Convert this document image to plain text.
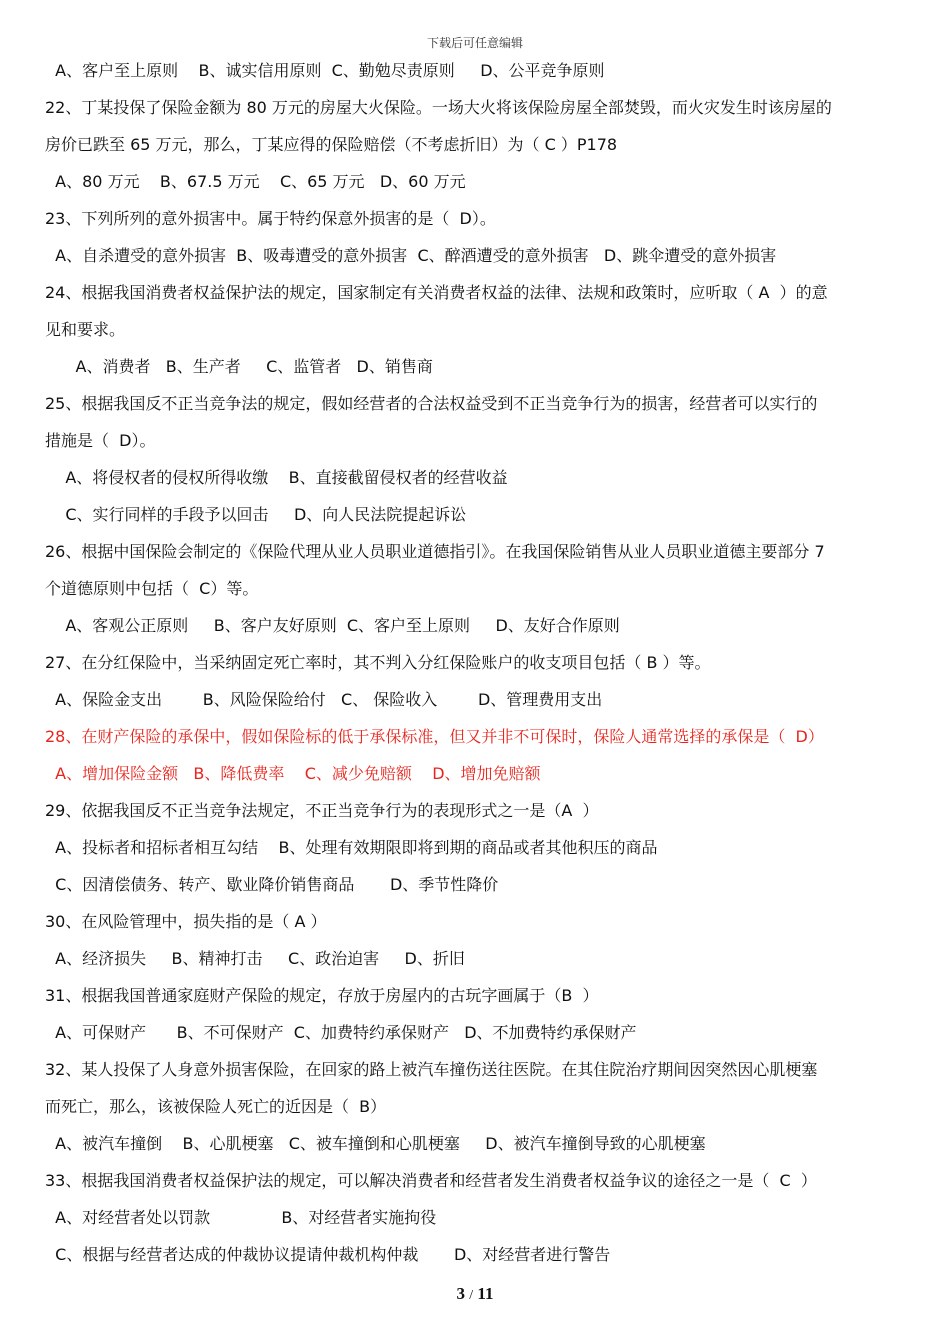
下载后可任意编辑
A、客户至上原则    B、诚实信用原则  C、勤勉尽责原则     D、公平竞争原则
22、丁某投保了保险金额为 80 万元的房屋大火保险。一场大火将该保险房屋全部焚毁，而火灾发生时该房屋的
房价已跌至 65 万元，那么，丁某应得的保险赔偿（不考虑折旧）为（ C ）P178
A、80 万元    B、67.5 万元    C、65 万元   D、60 万元
23、下列所列的意外损害中。属于特约保意外损害的是（  D）。
A、自杀遭受的意外损害  B、吸毒遭受的意外损害  C、醉酒遭受的意外损害   D、跳伞遭受的意外损害
24、根据我国消费者权益保护法的规定，国家制定有关消费者权益的法律、法规和政策时，应听取（ A  ）的意
见和要求。
A、消费者   B、生产者     C、监管者   D、销售商
25、根据我国反不正当竞争法的规定，假如经营者的合法权益受到不正当竞争行为的损害，经营者可以实行的
措施是（  D）。
A、将侵权者的侵权所得收缴    B、直接截留侵权者的经营收益
C、实行同样的手段予以回击     D、向人民法院提起诉讼
26、根据中国保险会制定的《保险代理从业人员职业道德指引》。在我国保险销售从业人员职业道德主要部分 7
个道德原则中包括（  C）等。
A、客观公正原则     B、客户友好原则  C、客户至上原则     D、友好合作原则
27、在分红保险中，当采纳固定死亡率时，其不判入分红保险账户的收支项目包括（ B ）等。
A、保险金支出        B、风险保险给付   C、 保险收入        D、管理费用支出
28、在财产保险的承保中，假如保险标的低于承保标准，但又并非不可保时，保险人通常选择的承保是（  D）
A、增加保险金额   B、降低费率    C、减少免赔额    D、增加免赔额
29、依据我国反不正当竞争法规定，不正当竞争行为的表现形式之一是（A  ）
A、投标者和招标者相互勾结    B、处理有效期限即将到期的商品或者其他积压的商品
C、因清偿债务、转产、歇业降价销售商品       D、季节性降价
30、在风险管理中，损失指的是（ A ）
A、经济损失     B、精神打击     C、政治迫害     D、折旧
31、根据我国普通家庭财产保险的规定，存放于房屋内的古玩字画属于（B  ）
A、可保财产      B、不可保财产  C、加费特约承保财产   D、不加费特约承保财产
32、某人投保了人身意外损害保险，在回家的路上被汽车撞伤送往医院。在其住院治疗期间因突然因心肌梗塞
而死亡，那么，该被保险人死亡的近因是（  B）
A、被汽车撞倒    B、心肌梗塞   C、被车撞倒和心肌梗塞     D、被汽车撞倒导致的心肌梗塞
33、根据我国消费者权益保护法的规定，可以解决消费者和经营者发生消费者权益争议的途径之一是（  C  ）
A、对经营者处以罚款              B、对经营者实施拘役
C、根据与经营者达成的仲裁协议提请仲裁机构仲裁       D、对经营者进行警告
3 / 11
